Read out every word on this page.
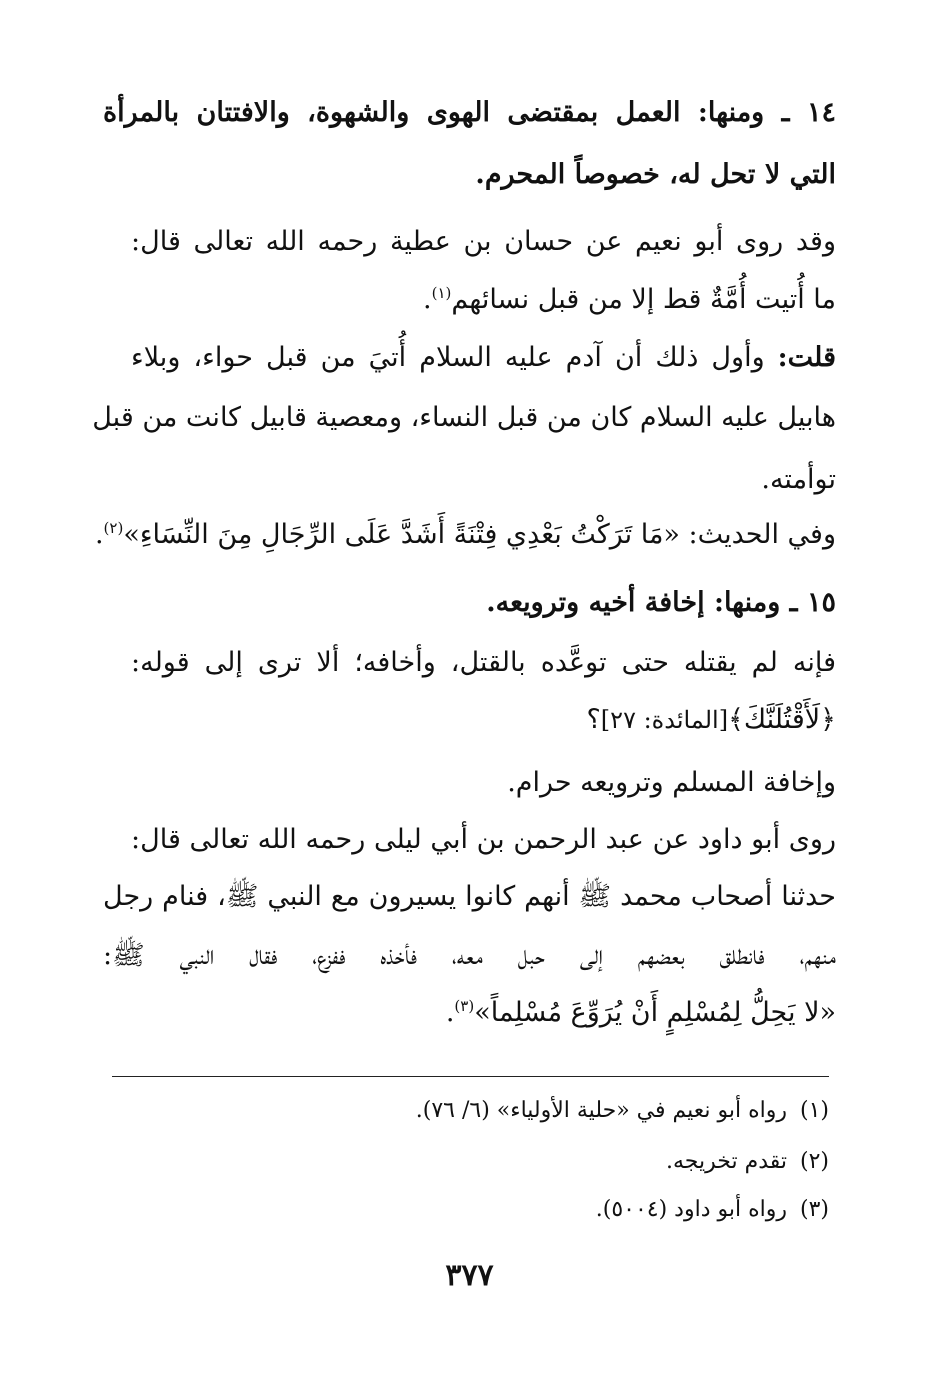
١٤ ـ ومنها: العمل بمقتضى الهوى والشهوة، والافتتان بالمرأة
التي لا تحل له، خصوصاً المحرم.
وقد روى أبو نعيم عن حسان بن عطية رحمه الله تعالى قال:
ما أُتيت أُمَّةٌ قط إلا من قبل نسائهم$^{(١)}$.
قلت: وأول ذلك أن آدم عليه السلام أُتيَ من قبل حواء، وبلاء
هابيل عليه السلام كان من قبل النساء، ومعصية قابيل كانت من قبل
توأمته.
وفي الحديث: «مَا تَرَكْتُ بَعْدِي فِتْنَةً أَشَدَّ عَلَى الرِّجَالِ مِنَ النِّسَاءِ»$^{(٢)}$.
١٥ ـ ومنها: إخافة أخيه وترويعه.
فإنه لم يقتله حتى توعَّده بالقتل، وأخافه؛ ألا ترى إلى قوله:
﴿لَأَقْتُلَنَّكَ﴾[المائدة: ٢٧]؟
وإخافة المسلم وترويعه حرام.
روى أبو داود عن عبد الرحمن بن أبي ليلى رحمه الله تعالى قال:
حدثنا أصحاب محمد ﷺ أنهم كانوا يسيرون مع النبي ﷺ، فنام رجل
منهم، فانطلق بعضهم إلى حبل معه، فأخذه ففزع، فقال النبي ﷺ:
«لا يَحِلُّ لِمُسْلِمٍ أَنْ يُرَوِّعَ مُسْلِماً»$^{(٣)}$.
(١)رواه أبو نعيم في «حلية الأولياء» (٦/ ٧٦).
(٢)تقدم تخريجه.
(٣)رواه أبو داود (٥٠٠٤).
٣٧٧
